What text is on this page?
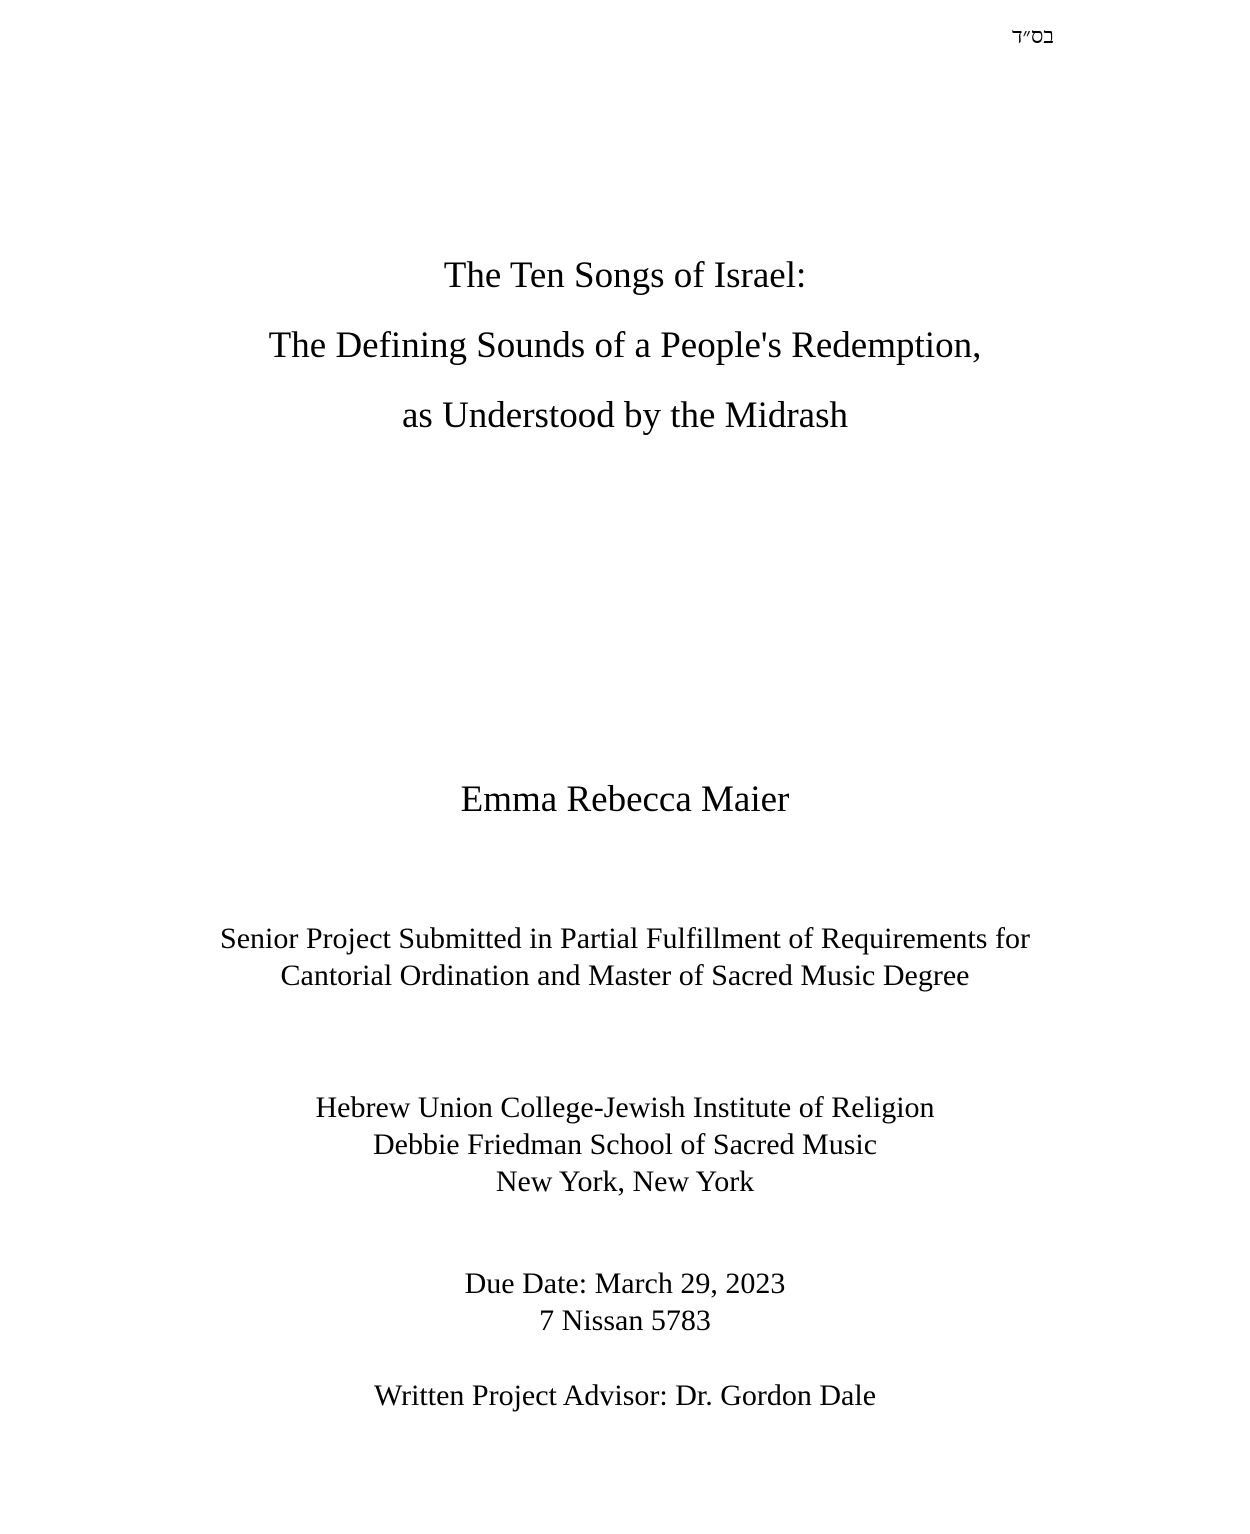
בס״ד

The Ten Songs of Israel:

The Defining Sounds of a People's Redemption,

as Understood by the Midrash

Emma Rebecca Maier

Senior Project Submitted in Partial Fulfillment of Requirements for

Cantorial Ordination and Master of Sacred Music Degree

Hebrew Union College-Jewish Institute of Religion

Debbie Friedman School of Sacred Music

New York, New York

Due Date: March 29, 2023

7 Nissan 5783

Written Project Advisor: Dr. Gordon Dale
